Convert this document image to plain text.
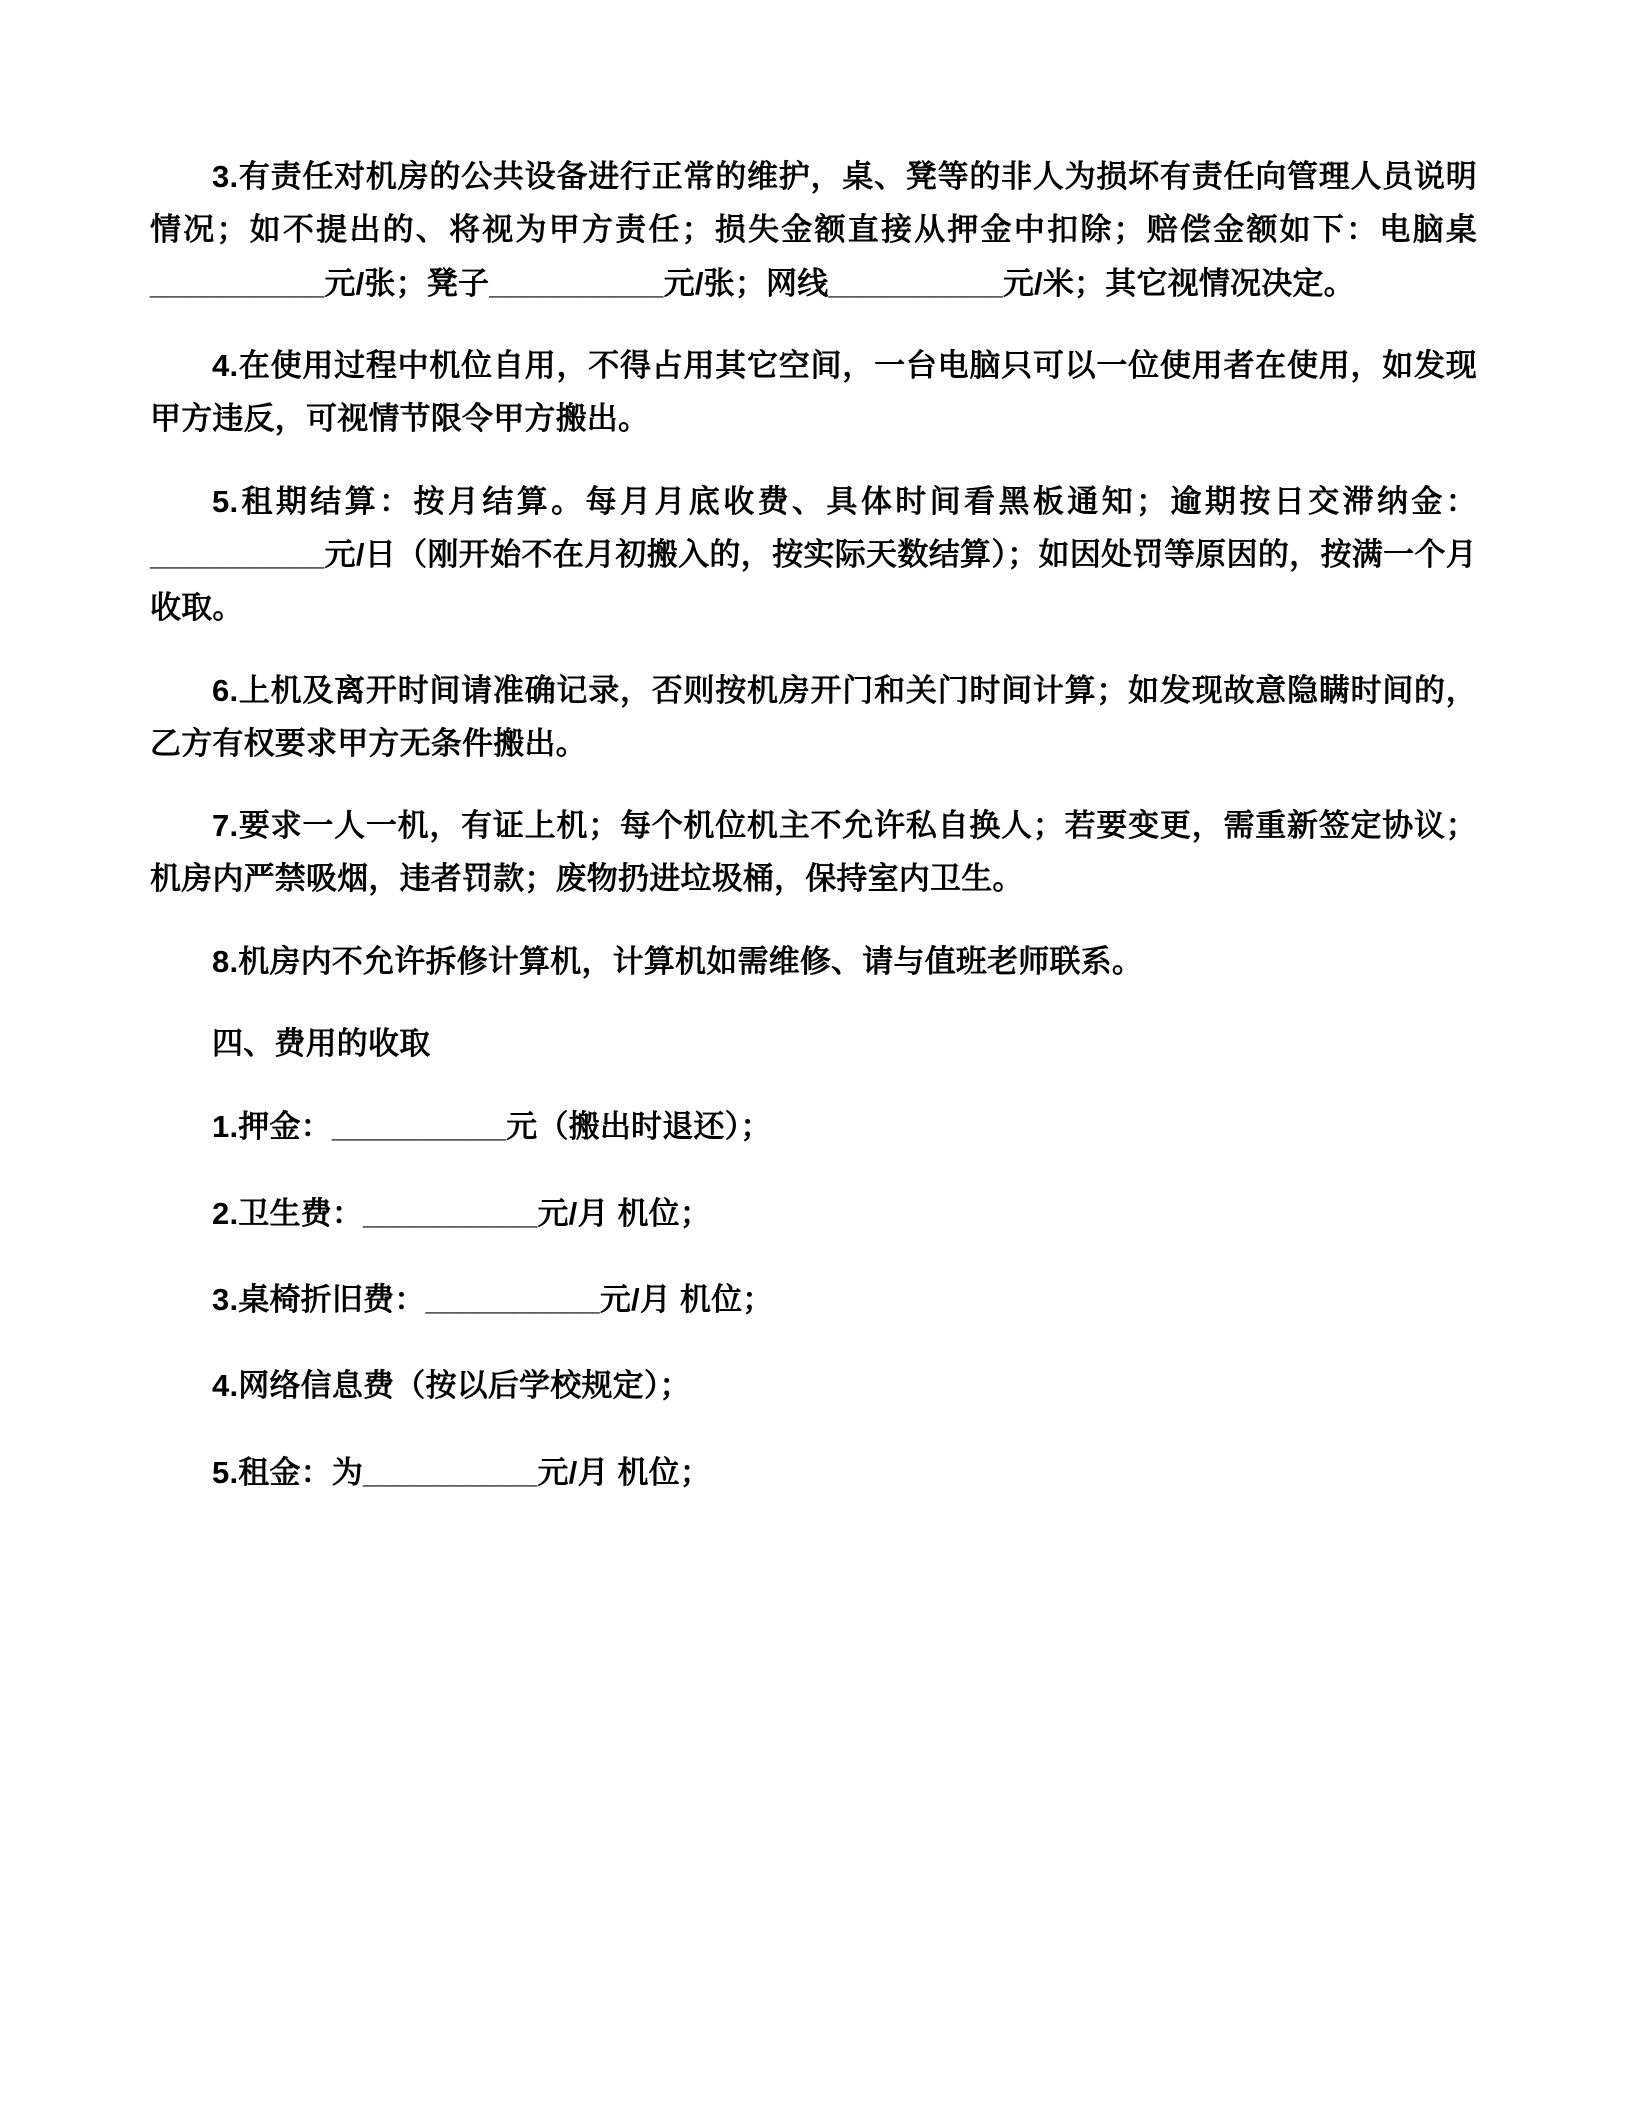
3.有责任对机房的公共设备进行正常的维护，桌、凳等的非人为损坏有责任向管理人员说明情况；如不提出的、将视为甲方责任；损失金额直接从押金中扣除；赔偿金额如下：电脑桌__________元/张；凳子__________元/张；网线__________元/米；其它视情况决定。

4.在使用过程中机位自用，不得占用其它空间，一台电脑只可以一位使用者在使用，如发现甲方违反，可视情节限令甲方搬出。

5.租期结算：按月结算。每月月底收费、具体时间看黑板通知；逾期按日交滞纳金：__________元/日（刚开始不在月初搬入的，按实际天数结算）；如因处罚等原因的，按满一个月收取。

6.上机及离开时间请准确记录，否则按机房开门和关门时间计算；如发现故意隐瞒时间的，乙方有权要求甲方无条件搬出。

7.要求一人一机，有证上机；每个机位机主不允许私自换人；若要变更，需重新签定协议；机房内严禁吸烟，违者罚款；废物扔进垃圾桶，保持室内卫生。

8.机房内不允许拆修计算机，计算机如需维修、请与值班老师联系。

四、费用的收取

1.押金：__________元（搬出时退还）；

2.卫生费：__________元/月 机位；

3.桌椅折旧费：__________元/月 机位；

4.网络信息费（按以后学校规定）；

5.租金：为__________元/月 机位；
